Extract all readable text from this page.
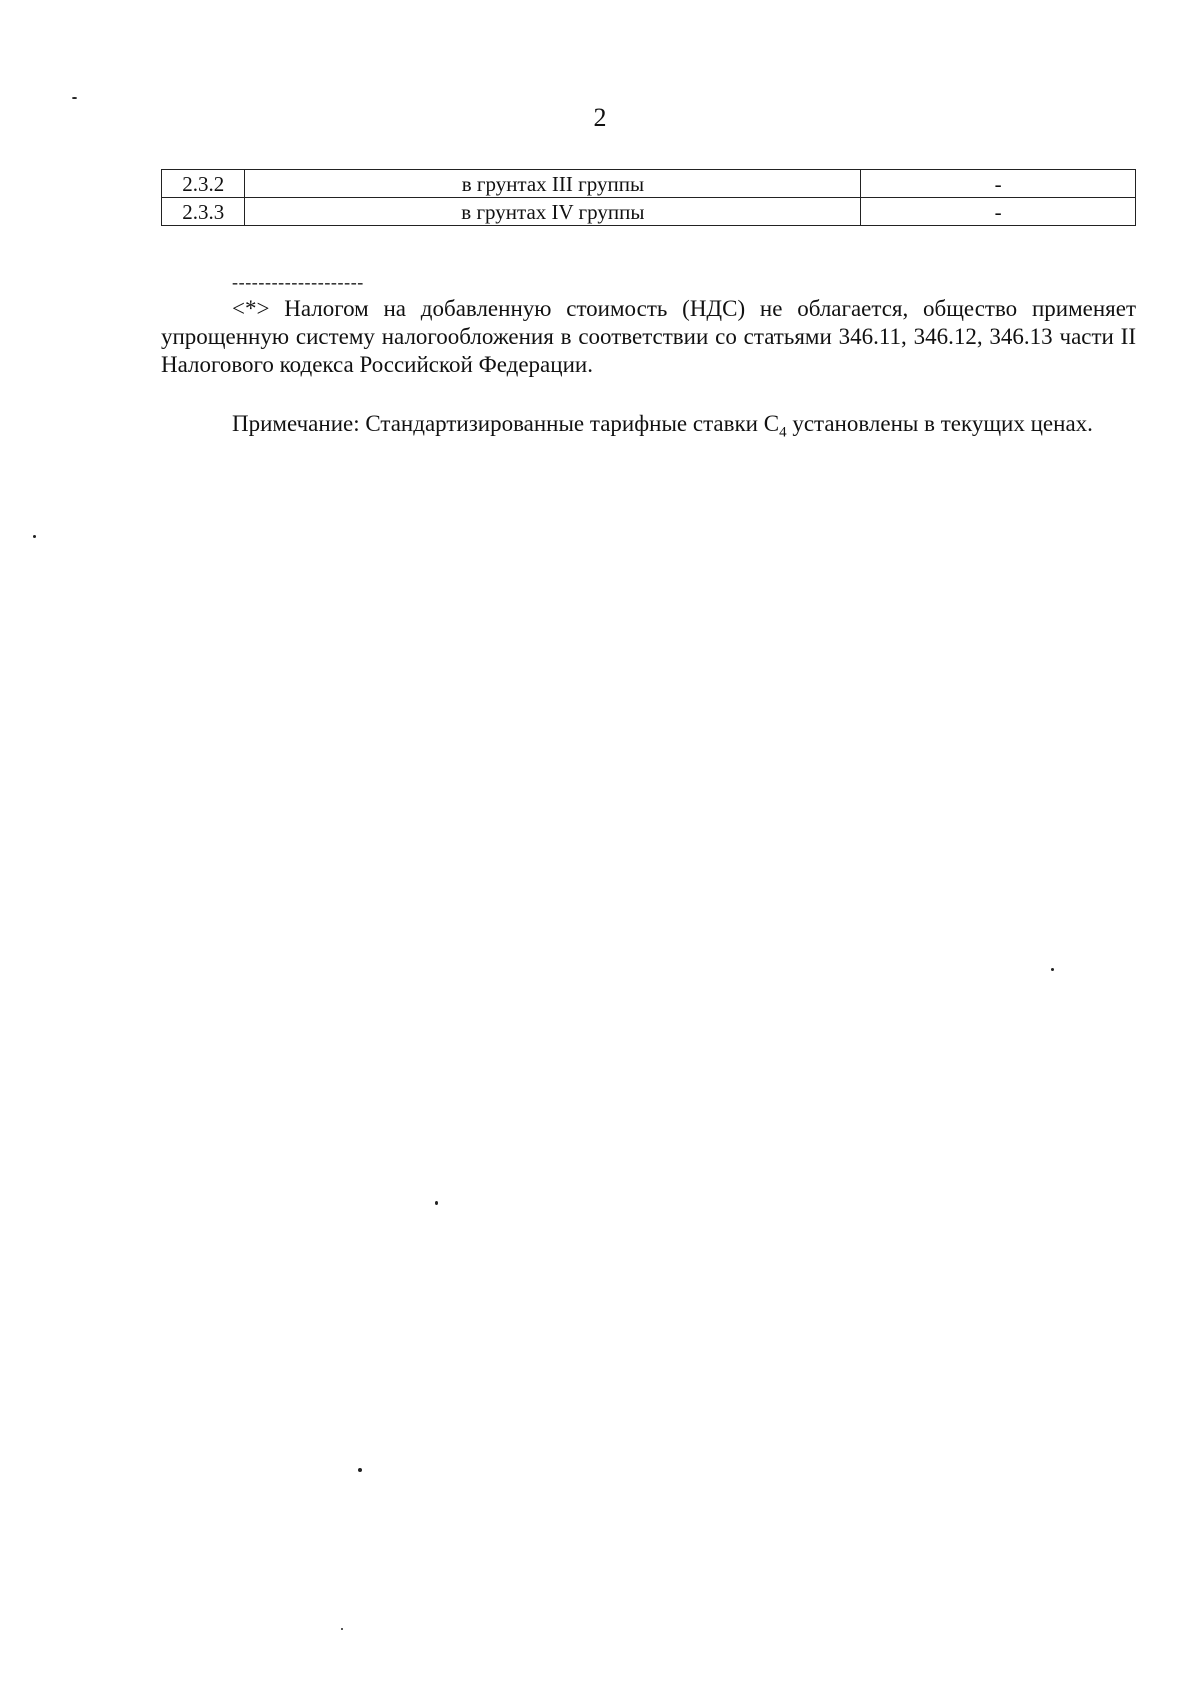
2
2.3.2	в грунтах III группы	-
2.3.3	в грунтах IV группы	-
--------------------

<*> Налогом на добавленную стоимость (НДС) не облагается, общество применяет упрощенную систему налогообложения в соответствии со статьями 346.11, 346.12, 346.13 части II Налогового кодекса Российской Федерации.

Примечание: Стандартизированные тарифные ставки $С_4$ установлены в текущих ценах.
